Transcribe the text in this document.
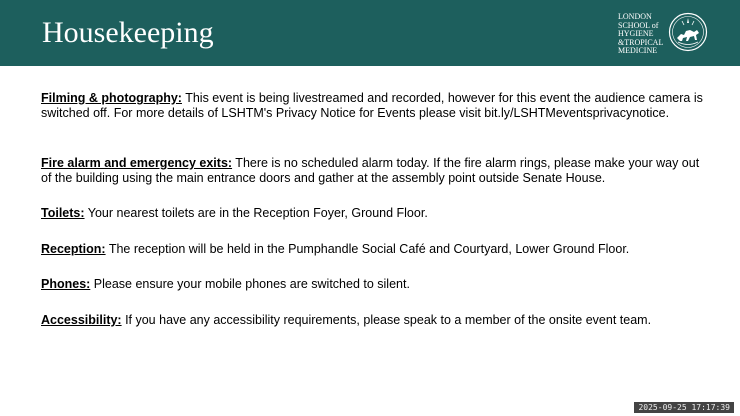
Housekeeping	LONDON
SCHOOL of
HYGIENE
&TROPICAL
MEDICINE
Filming & photography: This event is being livestreamed and recorded, however for this event the audience camera is switched off. For more details of LSHTM's Privacy Notice for Events please visit bit.ly/LSHTMeventsprivacynotice.
Fire alarm and emergency exits: There is no scheduled alarm today. If the fire alarm rings, please make your way out of the building using the main entrance doors and gather at the assembly point outside Senate House.
Toilets: Your nearest toilets are in the Reception Foyer, Ground Floor.
Reception: The reception will be held in the Pumphandle Social Café and Courtyard, Lower Ground Floor.
Phones: Please ensure your mobile phones are switched to silent.
Accessibility: If you have any accessibility requirements, please speak to a member of the onsite event team.
2025-09-25 17:17:39
